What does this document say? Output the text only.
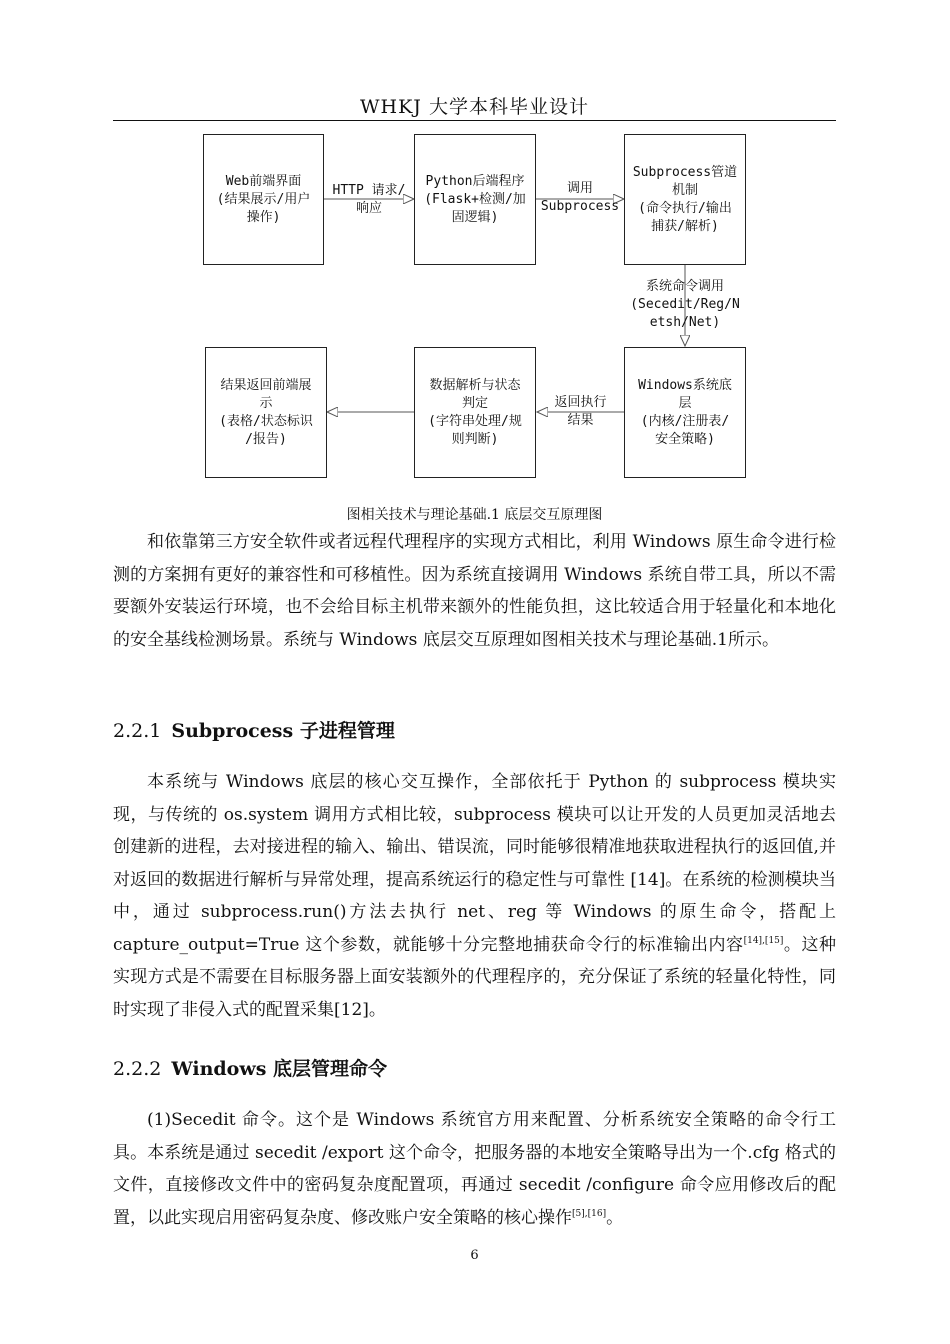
WHKJ 大学本科毕业设计
Web前端界面
(结果展示/用户
操作)
Python后端程序
(Flask+检测/加
固逻辑)
Subprocess管道
机制
(命令执行/输出
捕获/解析)
Windows系统底
层
(内核/注册表/
安全策略)
数据解析与状态
判定
(字符串处理/规
则判断)
结果返回前端展
示
(表格/状态标识
/报告)
HTTP 请求/
响应
调用
Subprocess
系统命令调用
(Secedit/Reg/N
etsh/Net)
返回执行
结果
图相关技术与理论基础.1 底层交互原理图

和依靠第三方安全软件或者远程代理程序的实现方式相比，利用 Windows 原生命令进行检测的方案拥有更好的兼容性和可移植性。因为系统直接调用 Windows 系统自带工具，所以不需要额外安装运行环境，也不会给目标主机带来额外的性能负担，这比较适合用于轻量化和本地化的安全基线检测场景。系统与 Windows 底层交互原理如图相关技术与理论基础.1所示。

2.2.1 Subprocess 子进程管理

本系统与 Windows 底层的核心交互操作，全部依托于 Python 的 subprocess 模块实现，与传统的 os.system 调用方式相比较，subprocess 模块可以让开发的人员更加灵活地去创建新的进程，去对接进程的输入、输出、错误流，同时能够很精准地获取进程执行的返回值,并对返回的数据进行解析与异常处理，提高系统运行的稳定性与可靠性 [14]。在系统的检测模块当中，通过 subprocess.run()方法去执行 net、reg 等 Windows 的原生命令，搭配上 capture_output=True 这个参数，就能够十分完整地捕获命令行的标准输出内容[14],[15]。这种实现方式是不需要在目标服务器上面安装额外的代理程序的，充分保证了系统的轻量化特性，同时实现了非侵入式的配置采集[12]。

2.2.2 Windows 底层管理命令

(1)Secedit 命令。这个是 Windows 系统官方用来配置、分析系统安全策略的命令行工具。本系统是通过 secedit /export 这个命令，把服务器的本地安全策略导出为一个.cfg 格式的文件，直接修改文件中的密码复杂度配置项，再通过 secedit /configure 命令应用修改后的配置，以此实现启用密码复杂度、修改账户安全策略的核心操作[5],[16]。

6
